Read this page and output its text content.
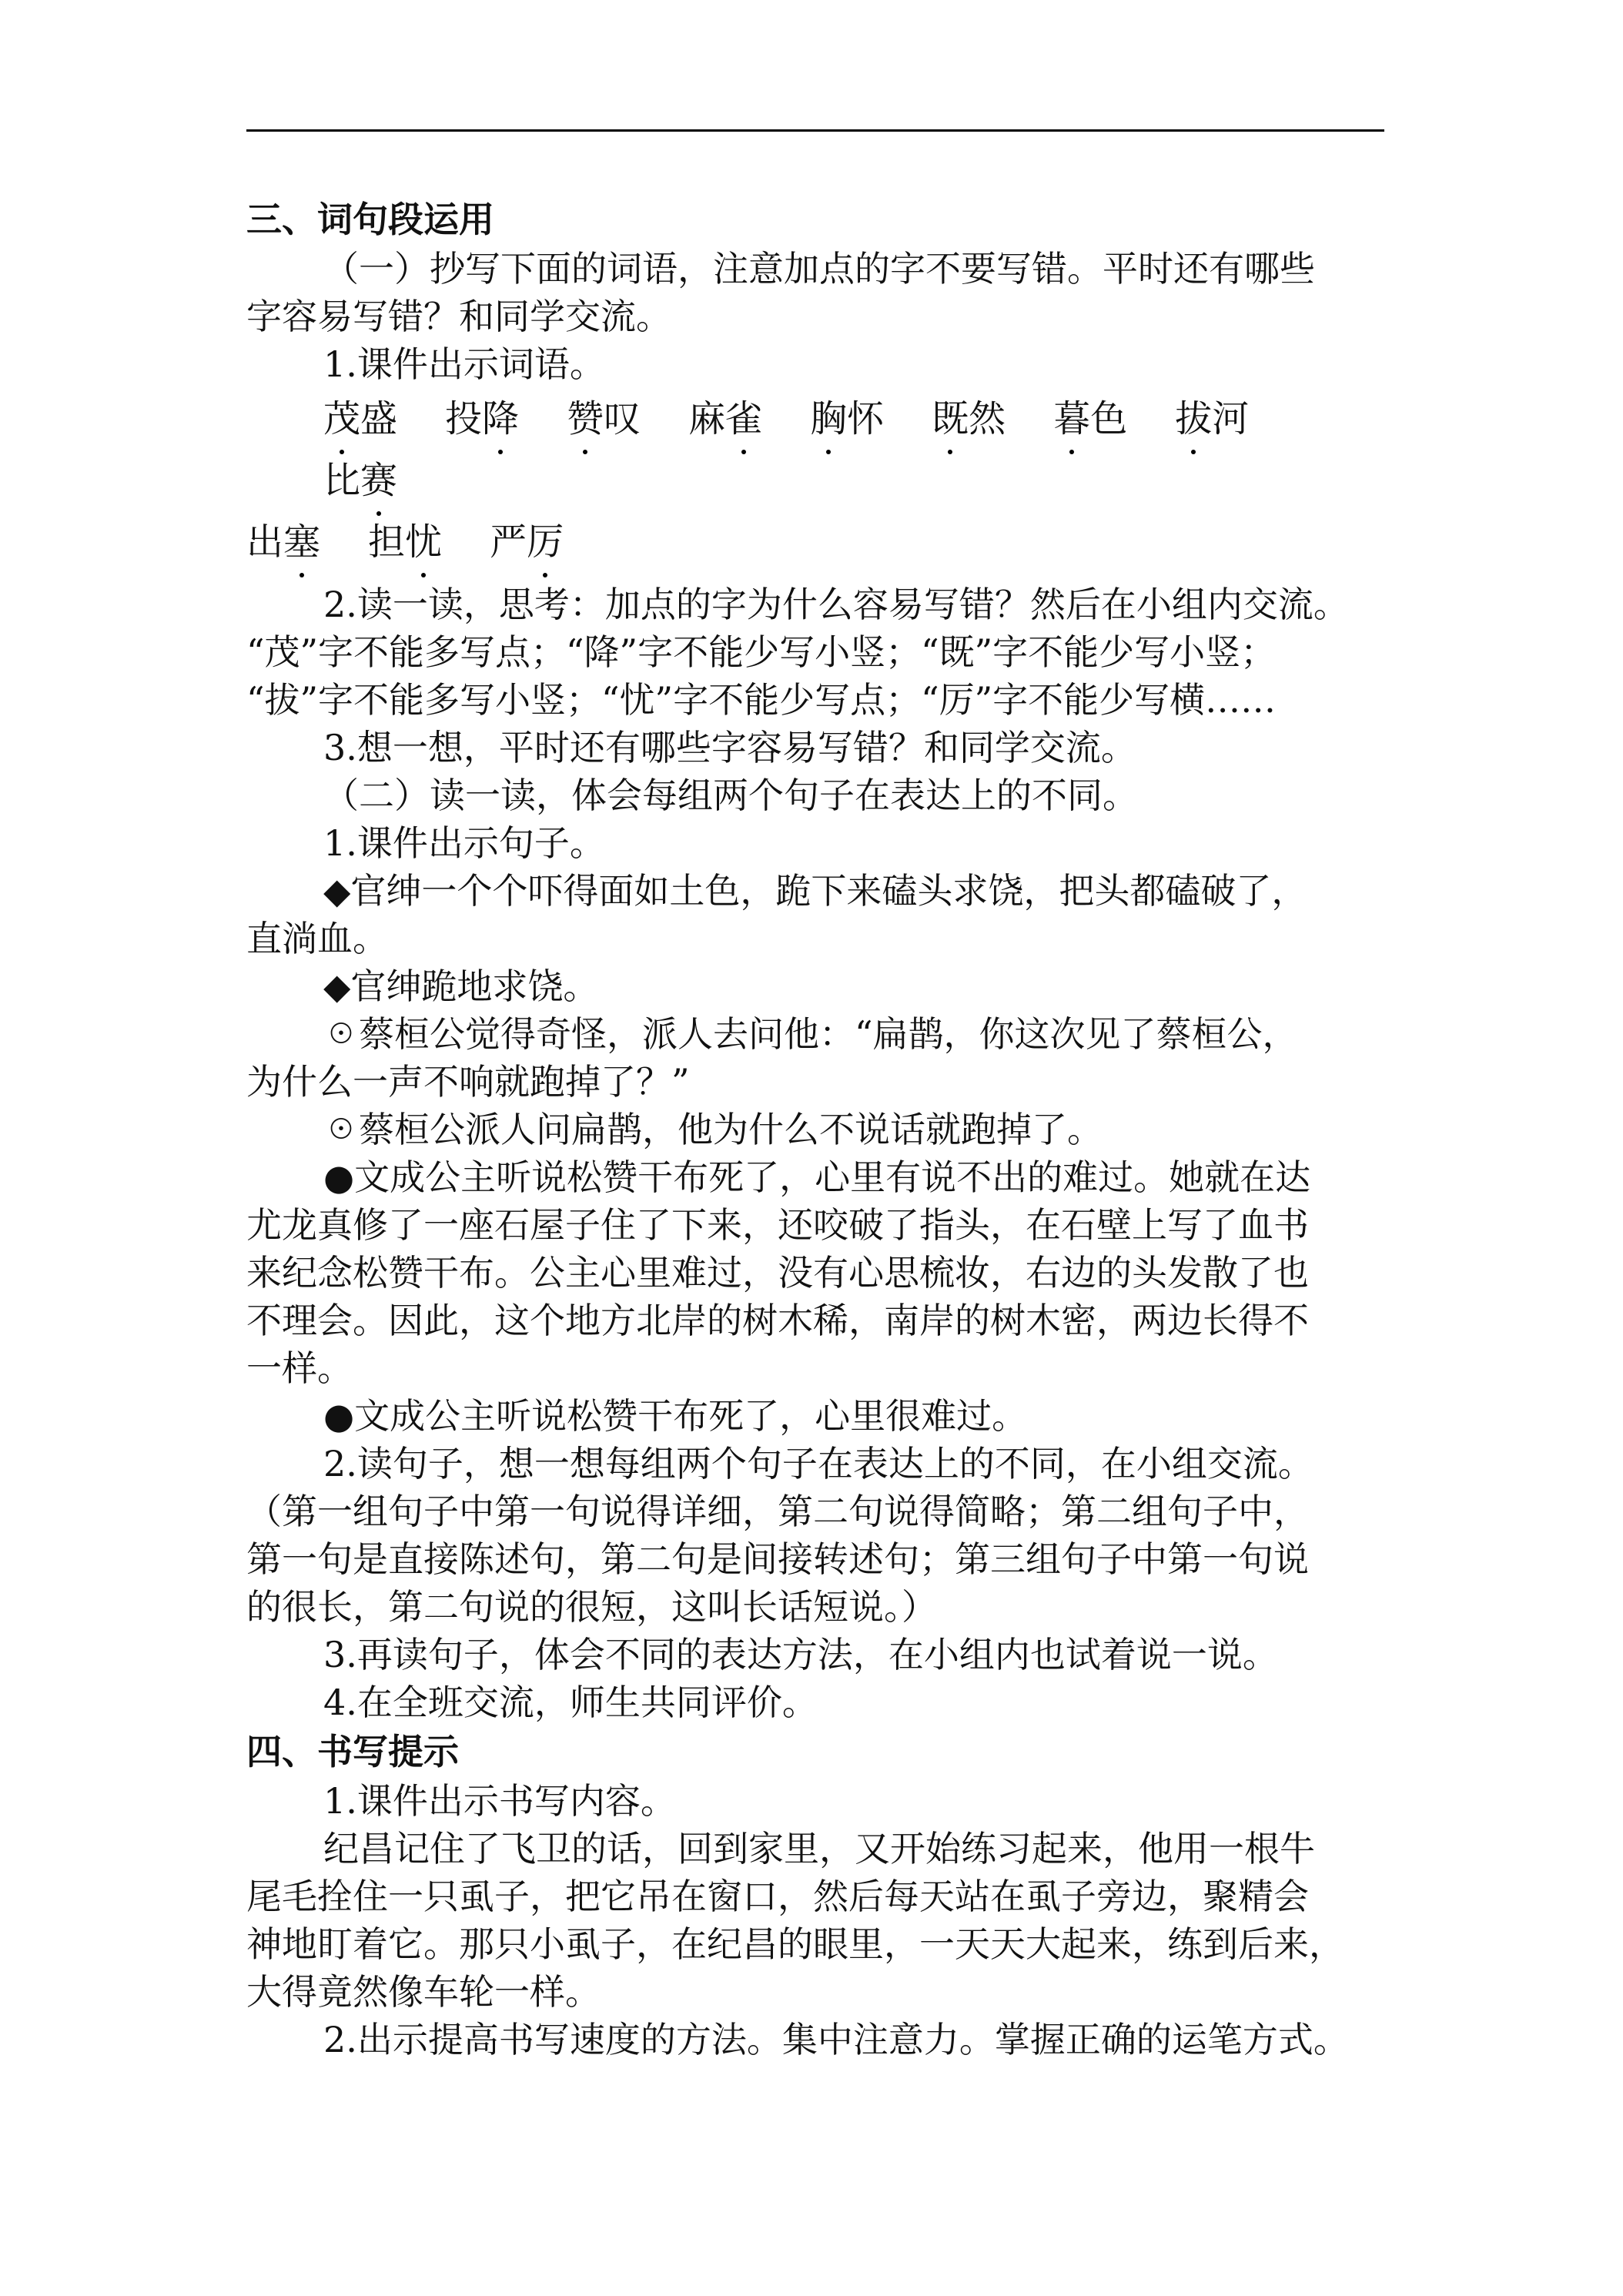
三、词句段运用
（一）抄写下面的词语，注意加点的字不要写错。平时还有哪些
字容易写错？和同学交流。
1.课件出示词语。
茂盛 投降 赞叹 麻雀 胸怀 既然 暮色 拔河比赛
出塞 担忧 严厉
2.读一读，思考：加点的字为什么容易写错？然后在小组内交流。
“茂”字不能多写点；“降”字不能少写小竖；“既”字不能少写小竖；
“拔”字不能多写小竖；“忧”字不能少写点；“厉”字不能少写横……
3.想一想，平时还有哪些字容易写错？和同学交流。
（二）读一读，体会每组两个句子在表达上的不同。
1.课件出示句子。
◆官绅一个个吓得面如土色，跪下来磕头求饶，把头都磕破了，
直淌血。
◆官绅跪地求饶。
☉蔡桓公觉得奇怪，派人去问他：“扁鹊，你这次见了蔡桓公，
为什么一声不响就跑掉了？”
☉蔡桓公派人问扁鹊，他为什么不说话就跑掉了。
●文成公主听说松赞干布死了，心里有说不出的难过。她就在达
尤龙真修了一座石屋子住了下来，还咬破了指头，在石壁上写了血书
来纪念松赞干布。公主心里难过，没有心思梳妆，右边的头发散了也
不理会。因此，这个地方北岸的树木稀，南岸的树木密，两边长得不
一样。
●文成公主听说松赞干布死了，心里很难过。
2.读句子，想一想每组两个句子在表达上的不同，在小组交流。
（第一组句子中第一句说得详细，第二句说得简略；第二组句子中，
第一句是直接陈述句，第二句是间接转述句；第三组句子中第一句说
的很长，第二句说的很短，这叫长话短说。）
3.再读句子，体会不同的表达方法，在小组内也试着说一说。
4.在全班交流，师生共同评价。
四、书写提示
1.课件出示书写内容。
纪昌记住了飞卫的话，回到家里，又开始练习起来，他用一根牛
尾毛拴住一只虱子，把它吊在窗口，然后每天站在虱子旁边，聚精会
神地盯着它。那只小虱子，在纪昌的眼里，一天天大起来，练到后来，
大得竟然像车轮一样。
2.出示提高书写速度的方法。集中注意力。掌握正确的运笔方式。
